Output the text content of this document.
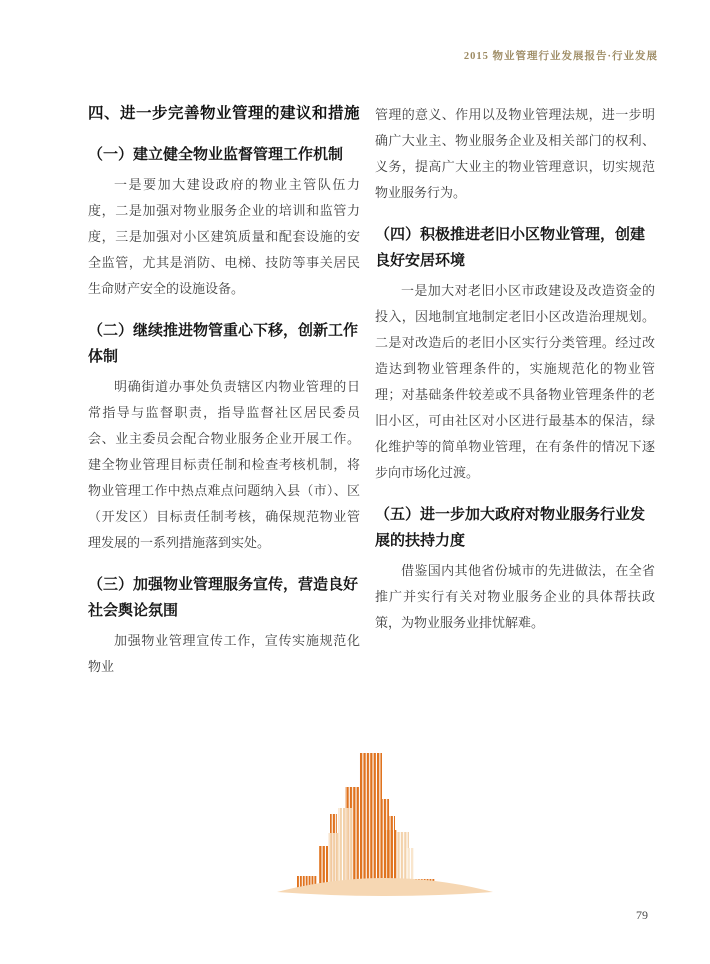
2015 物业管理行业发展报告·行业发展
四、进一步完善物业管理的建议和措施
（一）建立健全物业监督管理工作机制

一是要加大建设政府的物业主管队伍力度，二是加强对物业服务企业的培训和监管力度，三是加强对小区建筑质量和配套设施的安全监管，尤其是消防、电梯、技防等事关居民生命财产安全的设施设备。

（二）继续推进物管重心下移，创新工作体制

明确街道办事处负责辖区内物业管理的日常指导与监督职责，指导监督社区居民委员会、业主委员会配合物业服务企业开展工作。建全物业管理目标责任制和检查考核机制，将物业管理工作中热点难点问题纳入县（市）、区（开发区）目标责任制考核，确保规范物业管理发展的一系列措施落到实处。

（三）加强物业管理服务宣传，营造良好社会舆论氛围

加强物业管理宣传工作，宣传实施规范化物业

管理的意义、作用以及物业管理法规，进一步明确广大业主、物业服务企业及相关部门的权利、义务，提高广大业主的物业管理意识，切实规范物业服务行为。

（四）积极推进老旧小区物业管理，创建良好安居环境

一是加大对老旧小区市政建设及改造资金的投入，因地制宜地制定老旧小区改造治理规划。二是对改造后的老旧小区实行分类管理。经过改造达到物业管理条件的，实施规范化的物业管理；对基础条件较差或不具备物业管理条件的老旧小区，可由社区对小区进行最基本的保洁，绿化维护等的简单物业管理，在有条件的情况下逐步向市场化过渡。

（五）进一步加大政府对物业服务行业发展的扶持力度

借鉴国内其他省份城市的先进做法，在全省推广并实行有关对物业服务企业的具体帮扶政策，为物业服务业排忧解难。

79
